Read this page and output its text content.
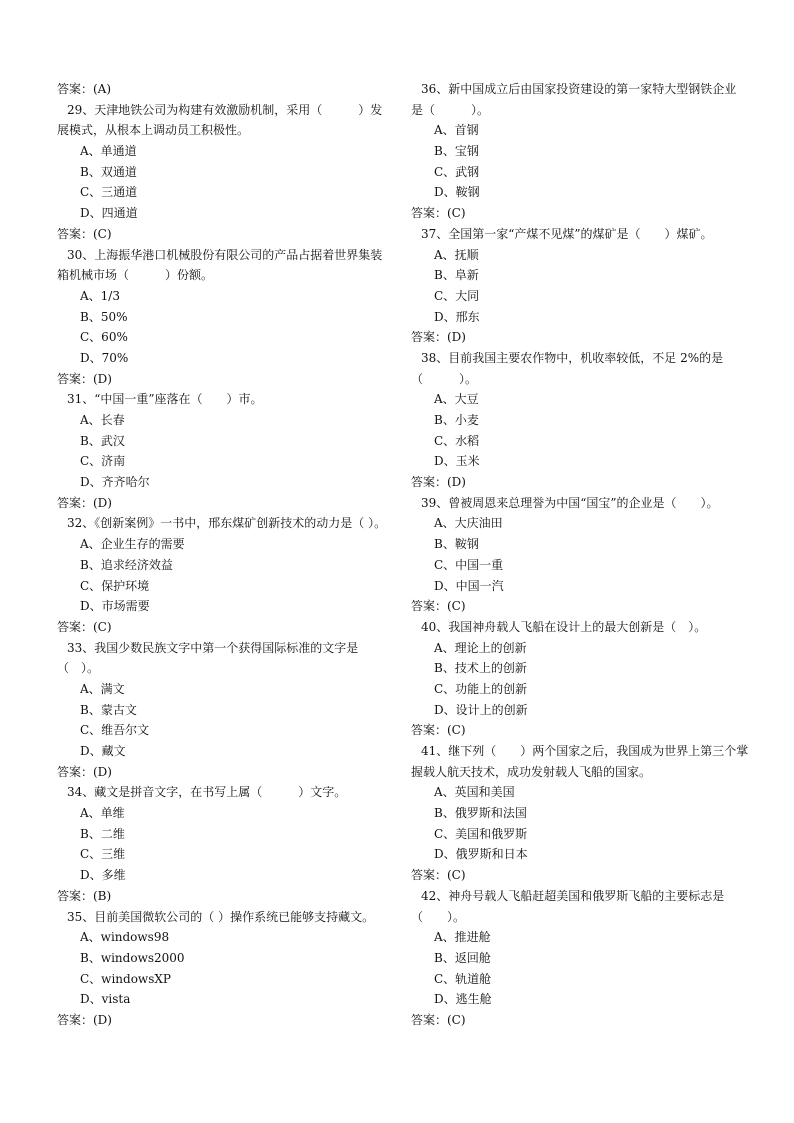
答案：(A)
29、天津地铁公司为构建有效激励机制，采用（　　　）发
展模式，从根本上调动员工积极性。
A、单通道
B、双通道
C、三通道
D、四通道
答案：(C)
30、上海振华港口机械股份有限公司的产品占据着世界集装
箱机械市场（　　　）份额。
A、1/3
B、50%
C、60%
D、70%
答案：(D)
31、“中国一重”座落在（　　）市。
A、长春
B、武汉
C、济南
D、齐齐哈尔
答案：(D)
32、《创新案例》一书中，邢东煤矿创新技术的动力是（ ）。
A、企业生存的需要
B、追求经济效益
C、保护环境
D、市场需要
答案：(C)
33、我国少数民族文字中第一个获得国际标准的文字是
（　）。
A、满文
B、蒙古文
C、维吾尔文
D、藏文
答案：(D)
34、藏文是拼音文字，在书写上属（　　　）文字。
A、单维
B、二维
C、三维
D、多维
答案：(B)
35、目前美国微软公司的（ ）操作系统已能够支持藏文。
A、windows98
B、windows2000
C、windowsXP
D、vista
答案：(D)
36、新中国成立后由国家投资建设的第一家特大型钢铁企业
是（　　　）。
A、首钢
B、宝钢
C、武钢
D、鞍钢
答案：(C)
37、全国第一家“产煤不见煤”的煤矿是（　　）煤矿。
A、抚顺
B、阜新
C、大同
D、邢东
答案：(D)
38、目前我国主要农作物中，机收率较低，不足 2%的是
（　　　）。
A、大豆
B、小麦
C、水稻
D、玉米
答案：(D)
39、曾被周恩来总理誉为中国“国宝”的企业是（　　）。
A、大庆油田
B、鞍钢
C、中国一重
D、中国一汽
答案：(C)
40、我国神舟载人飞船在设计上的最大创新是（　）。
A、理论上的创新
B、技术上的创新
C、功能上的创新
D、设计上的创新
答案：(C)
41、继下列（　　）两个国家之后，我国成为世界上第三个掌
握载人航天技术，成功发射载人飞船的国家。
A、英国和美国
B、俄罗斯和法国
C、美国和俄罗斯
D、俄罗斯和日本
答案：(C)
42、神舟号载人飞船赶超美国和俄罗斯飞船的主要标志是
（　　）。
A、推进舱
B、返回舱
C、轨道舱
D、逃生舱
答案：(C)
